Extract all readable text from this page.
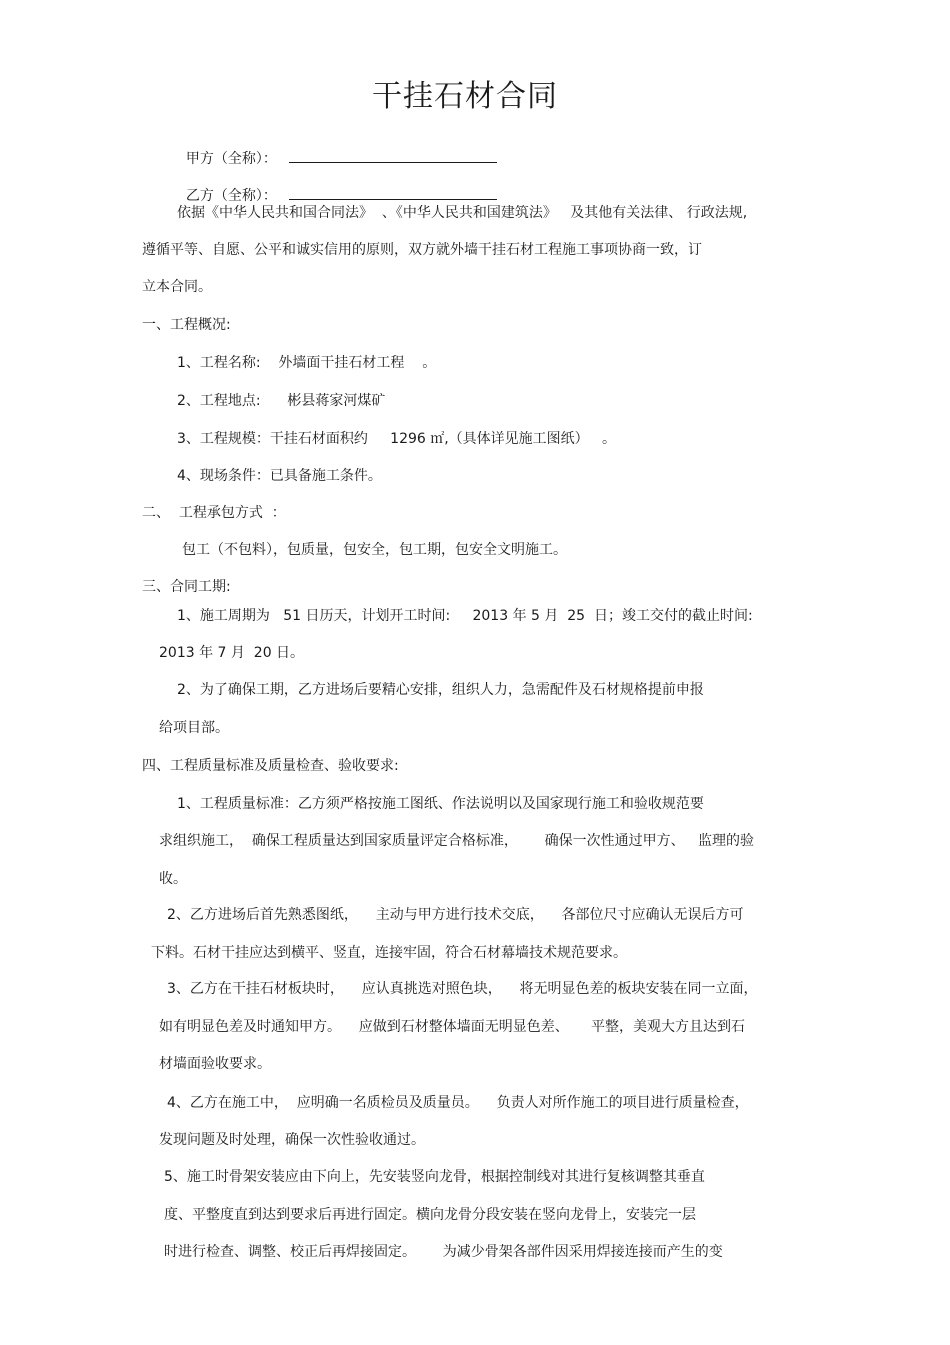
干挂石材合同

甲方（全称）：

乙方（全称）：

依据《中华人民共和国合同法》  、《中华人民共和国建筑法》   及其他有关法律、 行政法规,
遵循平等、自愿、公平和诚实信用的原则，双方就外墙干挂石材工程施工事项协商一致，订
立本合同。
一、工程概况:
1、工程名称:    外墙面干挂石材工程    。
2、工程地点:      彬县蒋家河煤矿
3、工程规模：干挂石材面积约     1296 ㎡,（具体详见施工图纸）   。
4、现场条件：已具备施工条件。
二、  工程承包方式  ：
包工（不包料），包质量，包安全，包工期，包安全文明施工。
三、合同工期:
1、施工周期为   51 日历天，计划开工时间:     2013 年 5 月  25  日；竣工交付的截止时间:
2013 年 7 月  20 日。
2、为了确保工期，乙方进场后要精心安排，组织人力，急需配件及石材规格提前申报
给项目部。
四、工程质量标准及质量检查、验收要求:
1、工程质量标准：乙方须严格按施工图纸、作法说明以及国家现行施工和验收规范要
求组织施工，  确保工程质量达到国家质量评定合格标准，      确保一次性通过甲方、   监理的验
收。
2、乙方进场后首先熟悉图纸，    主动与甲方进行技术交底，    各部位尺寸应确认无误后方可
下料。石材干挂应达到横平、竖直，连接牢固，符合石材幕墙技术规范要求。
3、乙方在干挂石材板块时，    应认真挑选对照色块，    将无明显色差的板块安装在同一立面，
如有明显色差及时通知甲方。    应做到石材整体墙面无明显色差、     平整，美观大方且达到石
材墙面验收要求。
4、乙方在施工中，  应明确一名质检员及质量员。    负责人对所作施工的项目进行质量检查，
发现问题及时处理，确保一次性验收通过。
5、施工时骨架安装应由下向上，先安装竖向龙骨，根据控制线对其进行复核调整其垂直
度、平整度直到达到要求后再进行固定。横向龙骨分段安装在竖向龙骨上，安装完一层
时进行检查、调整、校正后再焊接固定。      为减少骨架各部件因采用焊接连接而产生的变
